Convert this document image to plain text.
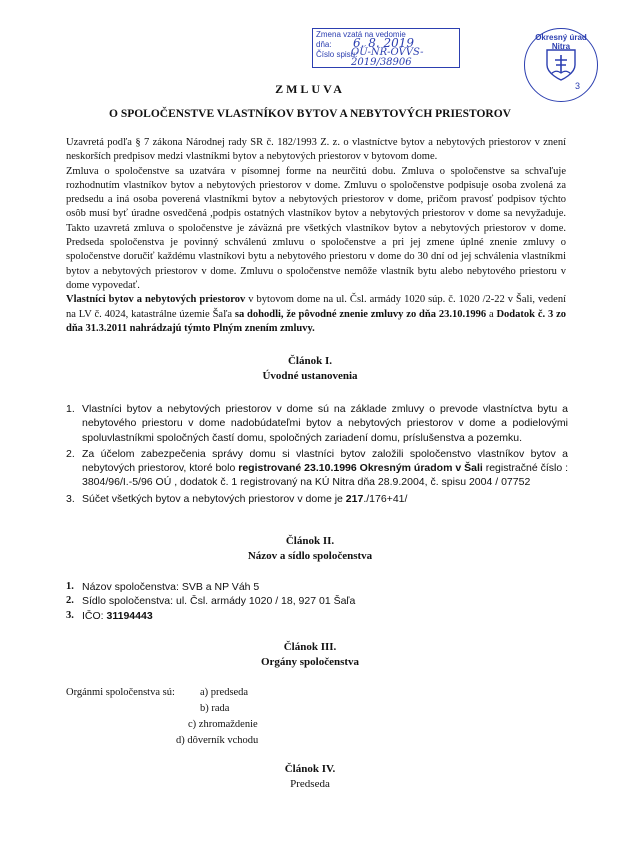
Zmena vzatá na vedomie
dňa:
Číslo spisu:
6. 8. 2019
OÚ-NR-OVVS-2019/38906
Okresný úrad Nitra
3
ZMLUVA
O SPOLOČENSTVE VLASTNÍKOV BYTOV A NEBYTOVÝCH PRIESTOROV

Uzavretá podľa § 7 zákona Národnej rady SR č. 182/1993 Z. z. o vlastníctve bytov a nebytových priestorov v znení neskorších predpisov medzi vlastníkmi bytov a nebytových priestorov v bytovom dome.

Zmluva o spoločenstve sa uzatvára v písomnej forme na neurčitú dobu. Zmluva o spoločenstve sa schvaľuje rozhodnutím vlastníkov bytov a nebytových priestorov v dome. Zmluvu o spoločenstve podpisuje osoba zvolená za predsedu a iná osoba poverená vlastníkmi bytov a nebytových priestorov v dome, pričom pravosť podpisov týchto osôb musí byť úradne osvedčená ,podpis ostatných vlastníkov bytov a nebytových priestorov v dome sa nevyžaduje. Takto uzavretá zmluva o spoločenstve je záväzná pre všetkých vlastníkov bytov a nebytových priestorov v dome. Predseda spoločenstva je povinný schválenú zmluvu o spoločenstve a pri jej zmene úplné znenie zmluvy o spoločenstve doručiť každému vlastníkovi bytu a nebytového priestoru v dome do 30 dní od jej schválenia vlastníkmi bytov a nebytových priestorov v dome. Zmluvu o spoločenstve nemôže vlastník bytu alebo nebytového priestoru v dome vypovedať.

Vlastníci bytov a nebytových priestorov v bytovom dome na ul. Čsl. armády 1020 súp. č. 1020 /2-22 v Šali, vedení na LV č. 4024, katastrálne územie Šaľa sa dohodli, že pôvodné znenie zmluvy zo dňa 23.10.1996 a Dodatok č. 3 zo dňa 31.3.2011 nahrádzajú týmto Plným znením zmluvy.

Článok I.
Úvodné ustanovenia
1. Vlastníci bytov a nebytových priestorov v dome sú na základe zmluvy o prevode vlastníctva bytu a nebytového priestoru v dome nadobúdateľmi bytov a nebytových priestorov v dome a podielovými spoluvlastníkmi spoločných častí domu, spoločných zariadení domu, príslušenstva a pozemku.
2. Za účelom zabezpečenia správy domu si vlastníci bytov založili spoločenstvo vlastníkov bytov a nebytových priestorov, ktoré bolo registrované 23.10.1996 Okresným úradom v Šali registračné číslo : 3804/96/I.-5/96 OÚ , dodatok č. 1 registrovaný na KÚ Nitra dňa 28.9.2004, č. spisu 2004 / 07752
3. Súčet všetkých bytov a nebytových priestorov v dome je 217./176+41/
Článok II.
Názov a sídlo spoločenstva
1. Názov spoločenstva: SVB a NP Váh 5
2. Sídlo spoločenstva: ul. Čsl. armády 1020 / 18, 927 01 Šaľa
3. IČO: 31194443
Článok III.
Orgány spoločenstva
Orgánmi spoločenstva sú: a) predseda
b) rada
c) zhromaždenie
d) dôverník vchodu
Článok IV.
Predseda
